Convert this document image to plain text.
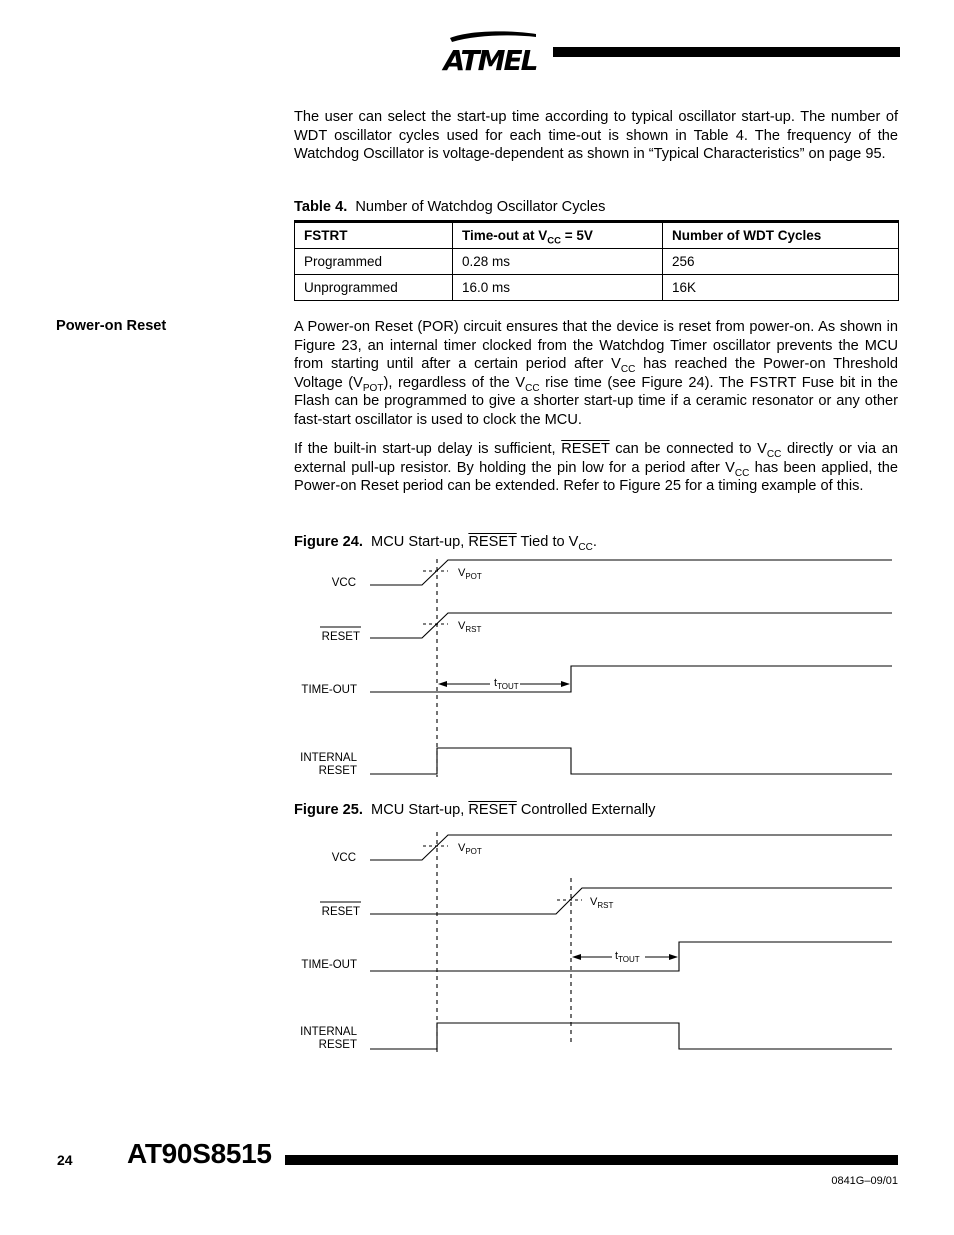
ATMEL

The user can select the start-up time according to typical oscillator start-up. The number of WDT oscillator cycles used for each time-out is shown in Table 4. The frequency of the Watchdog Oscillator is voltage-dependent as shown in “Typical Characteristics” on page 95.

Table 4. Number of Watchdog Oscillator Cycles
FSTRT	Time-out at $V_{CC} = 5V$	Number of WDT Cycles
Programmed	0.28 ms	256
Unprogrammed	16.0 ms	16K
Power-on Reset	A Power-on Reset (POR) circuit ensures that the device is reset from power-on. As shown in Figure 23, an internal timer clocked from the Watchdog Timer oscillator prevents the MCU from starting until after a certain period after $V_{CC}$ has reached the Power-on Threshold Voltage $(V_{POT})$, regardless of the $V_{CC}$ rise time (see Figure 24). The FSTRT Fuse bit in the Flash can be programmed to give a shorter start-up time if a ceramic resonator or any other fast-start oscillator is used to clock the MCU.

If the built-in start-up delay is sufficient, RESET can be connected to $V_{CC}$ directly or via an external pull-up resistor. By holding the pin low for a period after $V_{CC}$ has been applied, the Power-on Reset period can be extended. Refer to Figure 25 for a timing example of this.

Figure 24. MCU Start-up, RESET Tied to $V_{CC}$.
VCC
RESET
TIME-OUT
INTERNAL
RESET
$V_{POT}$
$V_{RST}$
$t_{TOUT}$
Figure 25. MCU Start-up, RESET Controlled Externally
VCC
RESET
TIME-OUT
INTERNAL
RESET
$V_{POT}$
$V_{RST}$
$t_{TOUT}$
24 AT90S8515
0841G–09/01
